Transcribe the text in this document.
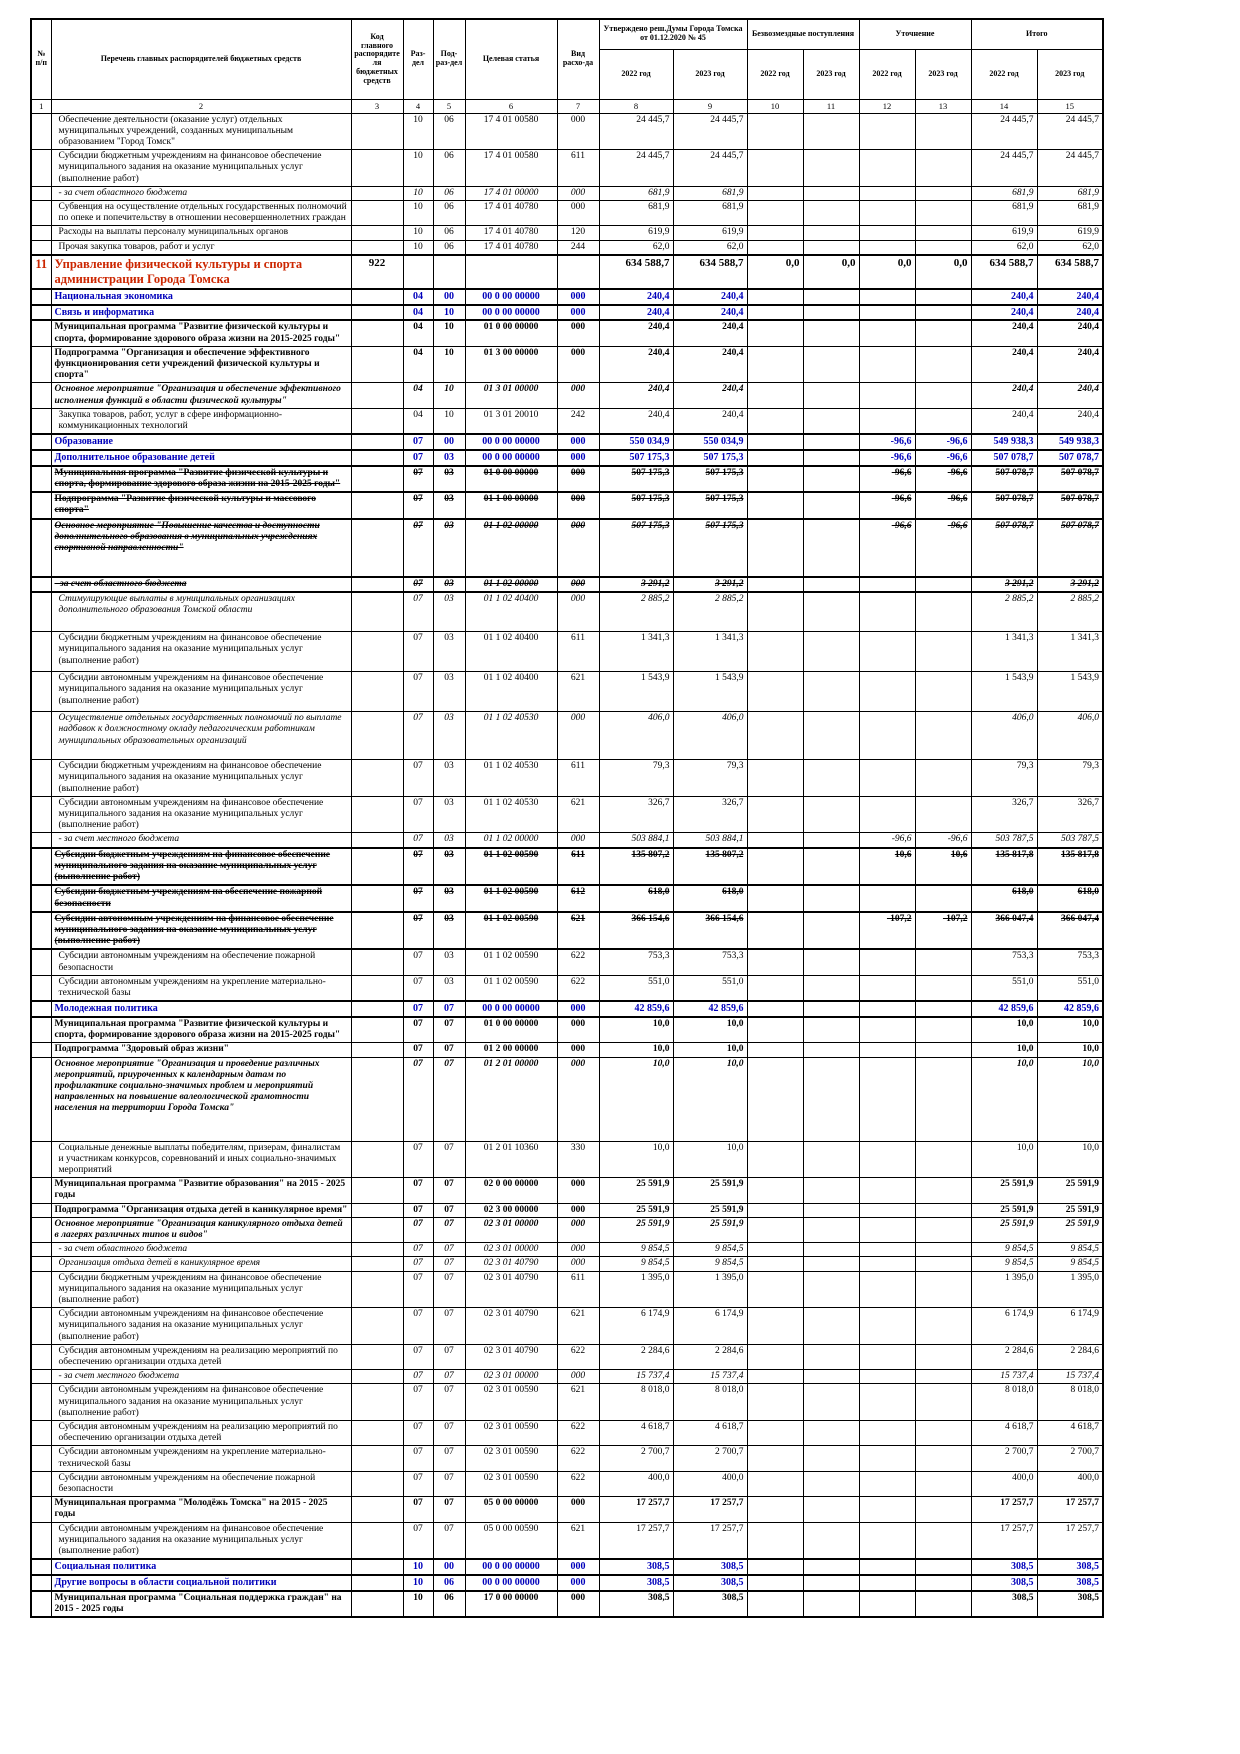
№ п/п	Перечень главных распорядителей бюджетных средств	Код главного распорядителя бюджетных средств	Раз-дел	Под-раз-дел	Целевая статья	Вид расхо-да	Утверждено реш.Думы Города Томска от 01.12.2020 № 45		Безвозмездные поступления		Уточнение		Итого	
							2022 год	2023 год	2022 год	2023 год	2022 год	2023 год	2022 год	2023 год
1	2	3	4	5	6	7	8	9	10	11	12	13	14	15
	Обеспечение деятельности (оказание услуг) отдельных муниципальных учреждений, созданных муниципальным образованием "Город Томск"		10	06	17 4 01 00580	000	24 445,7	24 445,7					24 445,7	24 445,7
	Субсидии бюджетным учреждениям на финансовое обеспечение муниципального задания на оказание муниципальных услуг (выполнение работ)		10	06	17 4 01 00580	611	24 445,7	24 445,7					24 445,7	24 445,7
	- за счет областного бюджета		10	06	17 4 01 00000	000	681,9	681,9					681,9	681,9
	Субвенция на осуществление отдельных государственных полномочий по опеке и попечительству в отношении несовершеннолетних граждан		10	06	17 4 01 40780	000	681,9	681,9					681,9	681,9
	Расходы на выплаты персоналу муниципальных органов		10	06	17 4 01 40780	120	619,9	619,9					619,9	619,9
	Прочая закупка товаров, работ и услуг		10	06	17 4 01 40780	244	62,0	62,0					62,0	62,0
11	Управление физической культуры и спорта администрации Города Томска	922					634 588,7	634 588,7	0,0	0,0	0,0	0,0	634 588,7	634 588,7
	Национальная экономика		04	00	00 0 00 00000	000	240,4	240,4					240,4	240,4
	Связь и информатика		04	10	00 0 00 00000	000	240,4	240,4					240,4	240,4
	Муниципальная программа "Развитие физической культуры и спорта, формирование здорового образа жизни на 2015-2025 годы"		04	10	01 0 00 00000	000	240,4	240,4					240,4	240,4
	Подпрограмма "Организация и обеспечение эффективного функционирования сети учреждений физической культуры и спорта"		04	10	01 3 00 00000	000	240,4	240,4					240,4	240,4
	Основное мероприятие "Организация и обеспечение эффективного исполнения функций в области физической культуры"		04	10	01 3 01 00000	000	240,4	240,4					240,4	240,4
	Закупка товаров, работ, услуг в сфере информационно-коммуникационных технологий		04	10	01 3 01 20010	242	240,4	240,4					240,4	240,4
	Образование		07	00	00 0 00 00000	000	550 034,9	550 034,9			-96,6	-96,6	549 938,3	549 938,3
	Дополнительное образование детей		07	03	00 0 00 00000	000	507 175,3	507 175,3			-96,6	-96,6	507 078,7	507 078,7
	Муниципальная программа "Развитие физической культуры и спорта, формирование здорового образа жизни на 2015-2025 годы"		07	03	01 0 00 00000	000	507 175,3	507 175,3			-96,6	-96,6	507 078,7	507 078,7
	Подпрограмма "Развитие физической культуры и массового спорта"		07	03	01 1 00 00000	000	507 175,3	507 175,3			-96,6	-96,6	507 078,7	507 078,7
	Основное мероприятие "Повышение качества и доступности дополнительного образования в муниципальных учреждениях спортивной направленности"		07	03	01 1 02 00000	000	507 175,3	507 175,3			-96,6	-96,6	507 078,7	507 078,7
	- за счет областного бюджета		07	03	01 1 02 00000	000	3 291,2	3 291,2					3 291,2	3 291,2
	Стимулирующие выплаты в муниципальных организациях дополнительного образования Томской области		07	03	01 1 02 40400	000	2 885,2	2 885,2					2 885,2	2 885,2
	Субсидии бюджетным учреждениям на финансовое обеспечение муниципального задания на оказание муниципальных услуг (выполнение работ)		07	03	01 1 02 40400	611	1 341,3	1 341,3					1 341,3	1 341,3
	Субсидии автономным учреждениям на финансовое обеспечение муниципального задания на оказание муниципальных услуг (выполнение работ)		07	03	01 1 02 40400	621	1 543,9	1 543,9					1 543,9	1 543,9
	Осуществление отдельных государственных полномочий по выплате надбавок к должностному окладу педагогическим работникам муниципальных образовательных организаций		07	03	01 1 02 40530	000	406,0	406,0					406,0	406,0
	Субсидии бюджетным учреждениям на финансовое обеспечение муниципального задания на оказание муниципальных услуг (выполнение работ)		07	03	01 1 02 40530	611	79,3	79,3					79,3	79,3
	Субсидии автономным учреждениям на финансовое обеспечение муниципального задания на оказание муниципальных услуг (выполнение работ)		07	03	01 1 02 40530	621	326,7	326,7					326,7	326,7
	- за счет местного бюджета		07	03	01 1 02 00000	000	503 884,1	503 884,1			-96,6	-96,6	503 787,5	503 787,5
	Субсидии бюджетным учреждениям на финансовое обеспечение муниципального задания на оказание муниципальных услуг (выполнение работ)		07	03	01 1 02 00590	611	135 807,2	135 807,2			10,6	10,6	135 817,8	135 817,8
	Субсидии бюджетным учреждениям на обеспечение пожарной безопасности		07	03	01 1 02 00590	612	618,0	618,0					618,0	618,0
	Субсидии автономным учреждениям на финансовое обеспечение муниципального задания на оказание муниципальных услуг (выполнение работ)		07	03	01 1 02 00590	621	366 154,6	366 154,6			-107,2	-107,2	366 047,4	366 047,4
	Субсидии автономным учреждениям на обеспечение пожарной безопасности		07	03	01 1 02 00590	622	753,3	753,3					753,3	753,3
	Субсидии автономным учреждениям на укрепление материально-технической базы		07	03	01 1 02 00590	622	551,0	551,0					551,0	551,0
	Молодежная политика		07	07	00 0 00 00000	000	42 859,6	42 859,6					42 859,6	42 859,6
	Муниципальная программа "Развитие физической культуры и спорта, формирование здорового образа жизни на 2015-2025 годы"		07	07	01 0 00 00000	000	10,0	10,0					10,0	10,0
	Подпрограмма "Здоровый образ жизни"		07	07	01 2 00 00000	000	10,0	10,0					10,0	10,0
	Основное мероприятие "Организация и проведение различных мероприятий, приуроченных к календарным датам по профилактике социально-значимых проблем и мероприятий направленных на повышение валеологической грамотности населения на территории Города Томска"		07	07	01 2 01 00000	000	10,0	10,0					10,0	10,0
	Социальные денежные выплаты победителям, призерам, финалистам и участникам конкурсов, соревнований и иных социально-значимых мероприятий		07	07	01 2 01 10360	330	10,0	10,0					10,0	10,0
	Муниципальная программа "Развитие образования" на 2015 - 2025 годы		07	07	02 0 00 00000	000	25 591,9	25 591,9					25 591,9	25 591,9
	Подпрограмма "Организация отдыха детей в каникулярное время"		07	07	02 3 00 00000	000	25 591,9	25 591,9					25 591,9	25 591,9
	Основное мероприятие "Организация каникулярного отдыха детей в лагерях различных типов и видов"		07	07	02 3 01 00000	000	25 591,9	25 591,9					25 591,9	25 591,9
	- за счет областного бюджета		07	07	02 3 01 00000	000	9 854,5	9 854,5					9 854,5	9 854,5
	Организация отдыха детей в каникулярное время		07	07	02 3 01 40790	000	9 854,5	9 854,5					9 854,5	9 854,5
	Субсидии бюджетным учреждениям на финансовое обеспечение муниципального задания на оказание муниципальных услуг (выполнение работ)		07	07	02 3 01 40790	611	1 395,0	1 395,0					1 395,0	1 395,0
	Субсидии автономным учреждениям на финансовое обеспечение муниципального задания на оказание муниципальных услуг (выполнение работ)		07	07	02 3 01 40790	621	6 174,9	6 174,9					6 174,9	6 174,9
	Субсидия автономным учреждениям на реализацию мероприятий по обеспечению организации отдыха детей		07	07	02 3 01 40790	622	2 284,6	2 284,6					2 284,6	2 284,6
	- за счет местного бюджета		07	07	02 3 01 00000	000	15 737,4	15 737,4					15 737,4	15 737,4
	Субсидии автономным учреждениям на финансовое обеспечение муниципального задания на оказание муниципальных услуг (выполнение работ)		07	07	02 3 01 00590	621	8 018,0	8 018,0					8 018,0	8 018,0
	Субсидия автономным учреждениям на реализацию мероприятий по обеспечению организации отдыха детей		07	07	02 3 01 00590	622	4 618,7	4 618,7					4 618,7	4 618,7
	Субсидии автономным учреждениям на укрепление материально-технической базы		07	07	02 3 01 00590	622	2 700,7	2 700,7					2 700,7	2 700,7
	Субсидии автономным учреждениям на обеспечение пожарной безопасности		07	07	02 3 01 00590	622	400,0	400,0					400,0	400,0
	Муниципальная программа "Молодёжь Томска" на 2015 - 2025 годы		07	07	05 0 00 00000	000	17 257,7	17 257,7					17 257,7	17 257,7
	Субсидии автономным учреждениям на финансовое обеспечение муниципального задания на оказание муниципальных услуг (выполнение работ)		07	07	05 0 00 00590	621	17 257,7	17 257,7					17 257,7	17 257,7
	Социальная политика		10	00	00 0 00 00000	000	308,5	308,5					308,5	308,5
	Другие вопросы в области социальной политики		10	06	00 0 00 00000	000	308,5	308,5					308,5	308,5
	Муниципальная программа "Социальная поддержка граждан" на 2015 - 2025 годы		10	06	17 0 00 00000	000	308,5	308,5					308,5	308,5
